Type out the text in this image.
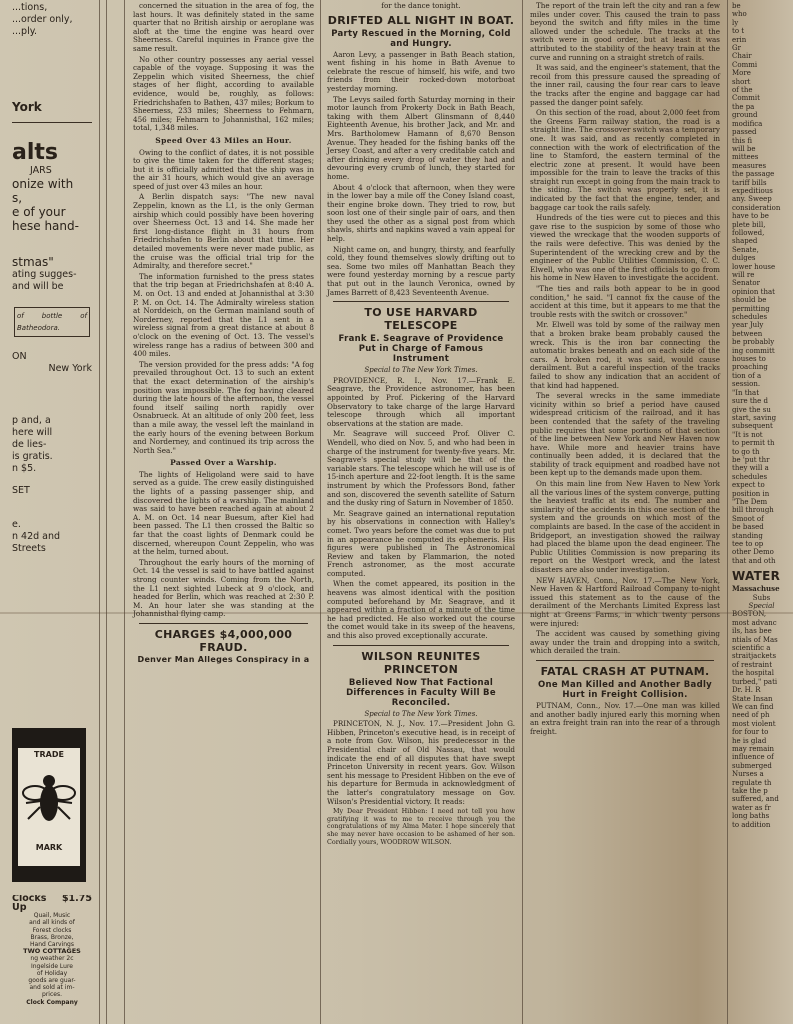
...tions,
...order only,
...ply.
York
alts
JARS
onize with
s,
e of your
hese hand-
stmas"
ating sugges-
and will be
of bottle of Batheodora.
ON
New York
p and, a
here will
de lies-
is gratis.
n $5.
SET
e.
n 42d and
Streets
TRADE
MARK
Clocks $1.75 Up
Quail, Music
and all kinds of
Forest clocks
Brass, Bronze,
Hand Carvings
TWO COTTAGES
ng weather 2c
Ingelside Lure
of Holiday
goods are guar-
and sold at im-
prices.
Clock Company

concerned the situation in the area of fog, the last hours. It was definitely stated in the same quarter that no British airship or aeroplane was aloft at the time the engine was heard over Sheerness. Careful inquiries in France give the same result.

No other country possesses any aerial vessel capable of the voyage. Supposing it was the Zeppelin which visited Sheerness, the chief stages of her flight, according to available evidence, would be, roughly, as follows: Friedrichshafen to Bathen, 437 miles; Borkum to Sheerness, 233 miles; Sheerness to Fehmarn, 456 miles; Fehmarn to Johannisthal, 162 miles; total, 1,348 miles.

Speed Over 43 Miles an Hour.

Owing to the conflict of dates, it is not possible to give the time taken for the different stages; but it is officially admitted that the ship was in the air 31 hours, which would give an average speed of just over 43 miles an hour.

A Berlin dispatch says: "The new naval Zeppelin, known as the L1, is the only German airship which could possibly have been hovering over Sheerness Oct. 13 and 14. She made her first long-distance flight in 31 hours from Friedrichshafen to Berlin about that time. Her detailed movements were never made public, as the cruise was the official trial trip for the Admiralty, and therefore secret."

The information furnished to the press states that the trip began at Friedrichshafen at 8:40 A. M. on Oct. 13 and ended at Johannisthal at 3:30 P. M. on Oct. 14. The Admiralty wireless station at Norddeich, on the German mainland south of Norderney, reported that the L1 sent in a wireless signal from a great distance at about 8 o'clock on the evening of Oct. 13. The vessel's wireless range has a radius of between 300 and 400 miles.

The version provided for the press adds: "A fog prevailed throughout Oct. 13 to such an extent that the exact determination of the airship's position was impossible. The fog having cleared during the late hours of the afternoon, the vessel found itself sailing north rapidly over Osnabrueck. At an altitude of only 200 feet, less than a mile away, the vessel left the mainland in the early hours of the evening between Borkum and Norderney, and continued its trip across the North Sea."

Passed Over a Warship.

The lights of Heligoland were said to have served as a guide. The crew easily distinguished the lights of a passing passenger ship, and discovered the lights of a warship. The mainland was said to have been reached again at about 2 A. M. on Oct. 14 near Buesum, after Kiel had been passed. The L1 then crossed the Baltic so far that the coast lights of Denmark could be discerned, whereupon Count Zeppelin, who was at the helm, turned about.

Throughout the early hours of the morning of Oct. 14 the vessel is said to have battled against strong counter winds. Coming from the North, the L1 next sighted Lubeck at 9 o'clock, and headed for Berlin, which was reached at 2:30 P. M. An hour later she was standing at the Johannisthal flying camp.

CHARGES $4,000,000 FRAUD.
Denver Man Alleges Conspiracy in a
for the dance tonight.
DRIFTED ALL NIGHT IN BOAT.
Party Rescued in the Morning, Cold and Hungry.

Aaron Levy, a passenger in Bath Beach station, went fishing in his home in Bath Avenue to celebrate the rescue of himself, his wife, and two friends from their rocked-down motorboat yesterday morning.

The Levys sailed forth Saturday morning in their motor launch from Prokerty Dock in Bath Beach, taking with them Albert Glinsmann of 8,440 Eighteenth Avenue, his brother Jack, and Mr. and Mrs. Bartholomew Hamann of 8,670 Benson Avenue. They headed for the fishing banks off the Jersey Coast, and after a very creditable catch and after drinking every drop of water they had and devouring every crumb of lunch, they started for home.

About 4 o'clock that afternoon, when they were in the lower bay a mile off the Coney Island coast, their engine broke down. They tried to row, but soon lost one of their single pair of oars, and then they used the other as a signal post from which shawls, shirts and napkins waved a vain appeal for help.

Night came on, and hungry, thirsty, and fearfully cold, they found themselves slowly drifting out to sea. Some two miles off Manhattan Beach they were found yesterday morning by a rescue party that put out in the launch Veronica, owned by James Barrett of 8,423 Seventeenth Avenue.

TO USE HARVARD TELESCOPE
Frank E. Seagrave of Providence Put in Charge of Famous Instrument
Special to The New York Times.

PROVIDENCE, R. I., Nov. 17.—Frank E. Seagrave, the Providence astronomer, has been appointed by Prof. Pickering of the Harvard Observatory to take charge of the large Harvard telescope through which all important observations at the station are made.

Mr. Seagrave will succeed Prof. Oliver C. Wendell, who died on Nov. 5, and who had been in charge of the instrument for twenty-five years. Mr. Seagrave's special study will be that of the variable stars. The telescope which he will use is of 15-inch aperture and 22-foot length. It is the same instrument by which the Professors Bond, father and son, discovered the seventh satellite of Saturn and the dusky ring of Saturn in November of 1850.

Mr. Seagrave gained an international reputation by his observations in connection with Halley's comet. Two years before the comet was due to put in an appearance he computed its ephemeris. His figures were published in The Astronomical Review and taken by Flammarion, the noted French astronomer, as the most accurate computed.

When the comet appeared, its position in the heavens was almost identical with the position computed beforehand by Mr. Seagrave, and it appeared within a fraction of a minute of the time he had predicted. He also worked out the course the comet would take in its sweep of the heavens, and this also proved exceptionally accurate.

WILSON REUNITES PRINCETON
Believed Now That Factional Differences in Faculty Will Be Reconciled.
Special to The New York Times.

PRINCETON, N. J., Nov. 17.—President John G. Hibben, Princeton's executive head, is in receipt of a note from Gov. Wilson, his predecessor in the Presidential chair of Old Nassau, that would indicate the end of all disputes that have swept Princeton University in recent years. Gov. Wilson sent his message to President Hibben on the eve of his departure for Bermuda in acknowledgment of the latter's congratulatory message on Gov. Wilson's Presidential victory. It reads:

My Dear President Hibben: I need not tell you how gratifying it was to me to receive through you the congratulations of my Alma Mater. I hope sincerely that she may never have occasion to be ashamed of her son. Cordially yours, WOODROW WILSON.

The report of the train left the city and ran a few miles under cover. This caused the train to pass beyond the switch and fifty miles in the time allowed under the schedule. The tracks at the switch were in good order, but at least it was attributed to the stability of the heavy train at the curve and running on a straight stretch of rails.

It was said, and the engineer's statement, that the recoil from this pressure caused the spreading of the inner rail, causing the four rear cars to leave the tracks after the engine and baggage car had passed the danger point safely.

On this section of the road, about 2,000 feet from the Greens Farm railway station, the road is a straight line. The crossover switch was a temporary one. It was said, and as recently completed in connection with the work of electrification of the line to Stamford, the eastern terminal of the electric zone at present. It would have been impossible for the train to leave the tracks of this straight run except in going from the main track to the siding. The switch was properly set, it is indicated by the fact that the engine, tender, and baggage car took the rails safely.

Hundreds of the ties were cut to pieces and this gave rise to the suspicion by some of those who viewed the wreckage that the wooden supports of the rails were defective. This was denied by the Superintendent of the wrecking crew and by the engineer of the Public Utilities Commission, C. C. Elwell, who was one of the first officials to go from his home in New Haven to investigate the accident.

"The ties and rails both appear to be in good condition," he said. "I cannot fix the cause of the accident at this time, but it appears to me that the trouble rests with the switch or crossover."

Mr. Elwell was told by some of the railway men that a broken brake beam probably caused the wreck. This is the iron bar connecting the automatic brakes beneath and on each side of the cars. A broken rod, it was said, would cause derailment. But a careful inspection of the tracks failed to show any indication that an accident of that kind had happened.

The several wrecks in the same immediate vicinity within so brief a period have caused widespread criticism of the railroad, and it has been contended that the safety of the traveling public requires that some portions of that section of the line between New York and New Haven now have. While more and heavier trains have continually been added, it is declared that the stability of track equipment and roadbed have not been kept up to the demands made upon them.

On this main line from New Haven to New York all the various lines of the system converge, putting the heaviest traffic at its end. The number and similarity of the accidents in this one section of the system and the grounds on which most of the complaints are based. In the case of the accident in Bridgeport, an investigation showed the railway had placed the blame upon the dead engineer. The Public Utilities Commission is now preparing its report on the Westport wreck, and the latest disasters are also under investigation.

NEW HAVEN, Conn., Nov. 17.—The New York, New Haven & Hartford Railroad Company to-night issued this statement as to the cause of the derailment of the Merchants Limited Express last night at Greens Farms, in which twenty persons were injured:

The accident was caused by something giving away under the train and dropping into a switch, which derailed the train.

FATAL CRASH AT PUTNAM.
One Man Killed and Another Badly Hurt in Freight Collision.

PUTNAM, Conn., Nov. 17.—One man was killed and another badly injured early this morning when an extra freight train ran into the rear of a through freight.

be
who
ly
to t
erin
Gr
Chair
Commi
More
short
of the
Commit
the pa
ground
modifica
passed
this fi
will be
mittees
measures
the passage
tariff bills
expeditious
any. Sweep
consideration
have to be
plete bill,
followed,
shaped
Senate,
dulges
lower house
will re
Senator
opinion that
should be
permitting
schedules
year July
between
be probably
ing committ
houses to
proaching
tion of a
session.
"In that
sure the d
give the su
start, saving
subsequent
"It is not
to permit th
to go th
be 'put thr
they will a
schedules
expect to
position in
"The Dem
bill through
Smoot of
be based
standing
tee to op
other Demo
that and oth
WATER
Massachuse
Subs
Special
BOSTON,
most advanc
ils, has bee
ntials of Mas
scientific a
straitjackets
of restraint
the hospital
turbed," pati
Dr. H. R
State Insan
We can find
need of ph
most violent
for four to
he is glad
may remain
influence of
submerged
Nurses a
regulate th
take the p
suffered, and
water as fr
long baths
to addition
